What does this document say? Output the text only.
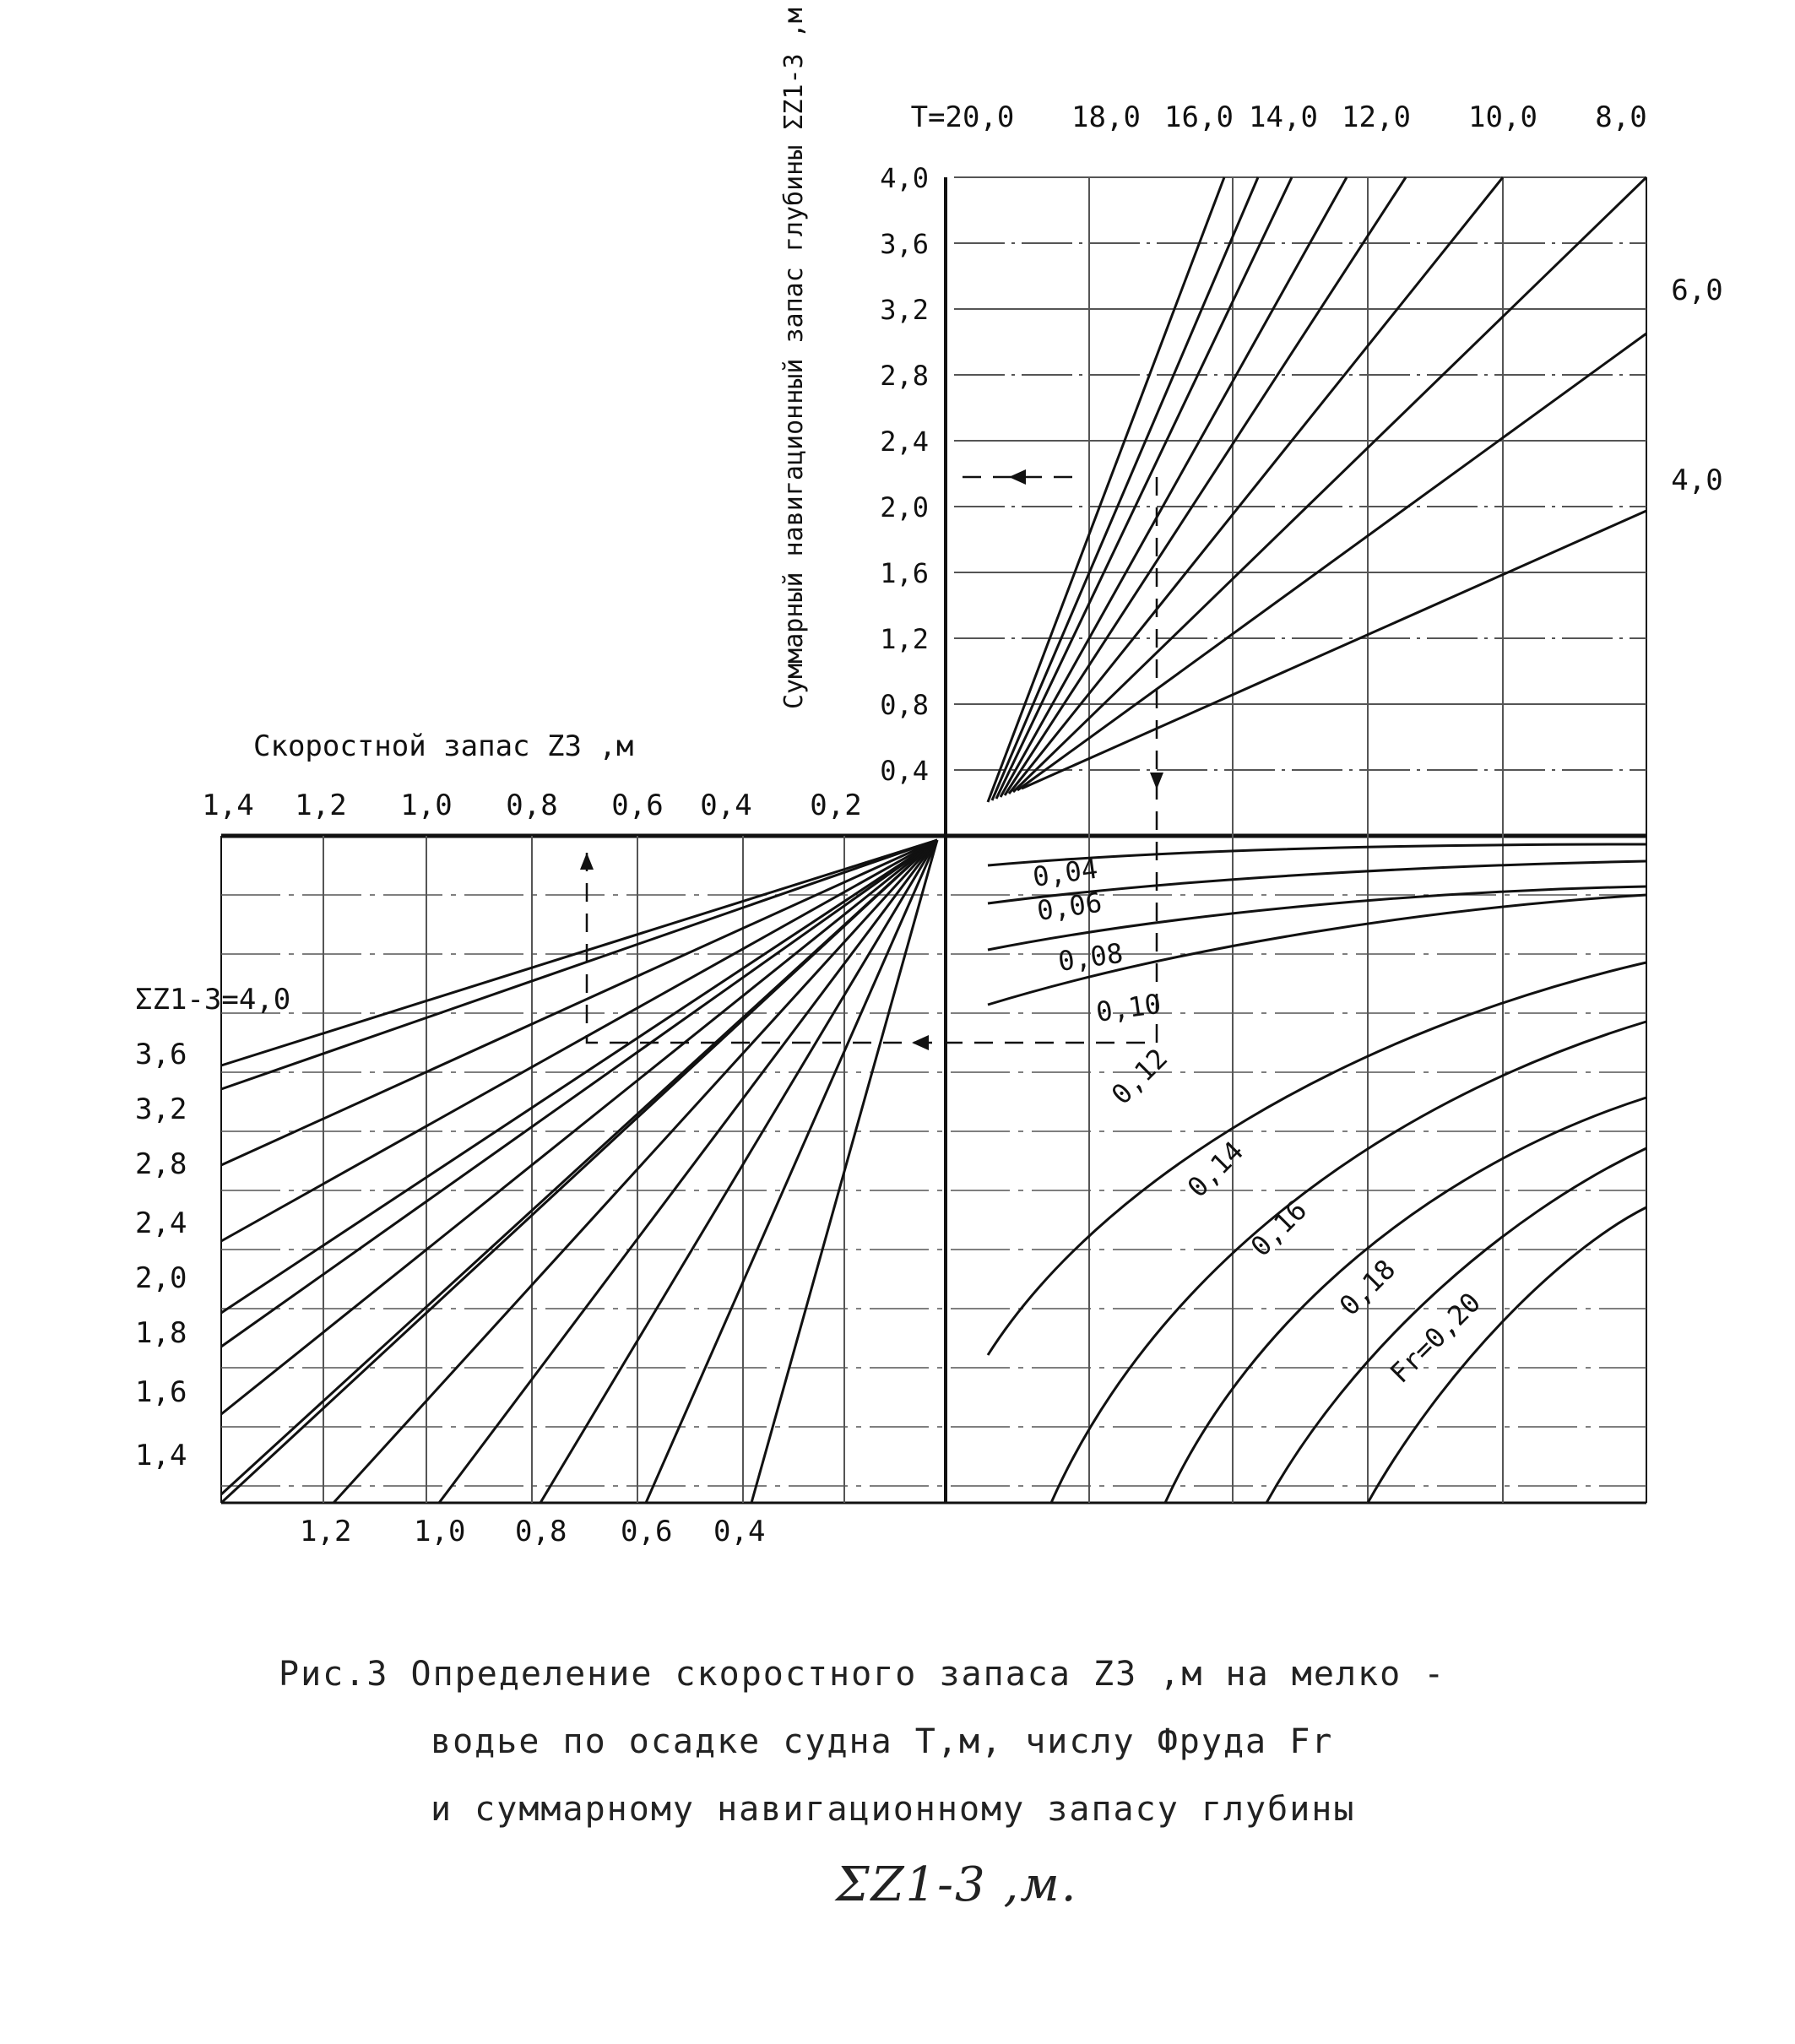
4,0
3,6
3,2
2,8
2,4
2,0
1,6
1,2
0,8
0,4
T=20,0 18,0 16,0 14,0 12,0 10,0 8,0
6,0
4,0
1,4 1,2 1,0 0,8 0,6 0,4 0,2
Скоростной запас Z3 ,м
Суммарный навигационный запас глубины ΣZ1-3 ,м
ΣZ1-3=4,0
3,6
3,2
2,8
2,4
2,0
1,8
1,6
1,4
1,2 1,0 0,8 0,6 0,4
0,04
0,06
0,08
0,10
0,12
0,14
0,16
0,18
Fr=0,20
Рис.3 Определение скоростного запаса Z3 ,м на мелко -
водье по осадке судна T,м, числу Фруда Fr
и суммарному навигационному запасу глубины
ΣZ1-3 ,м.
